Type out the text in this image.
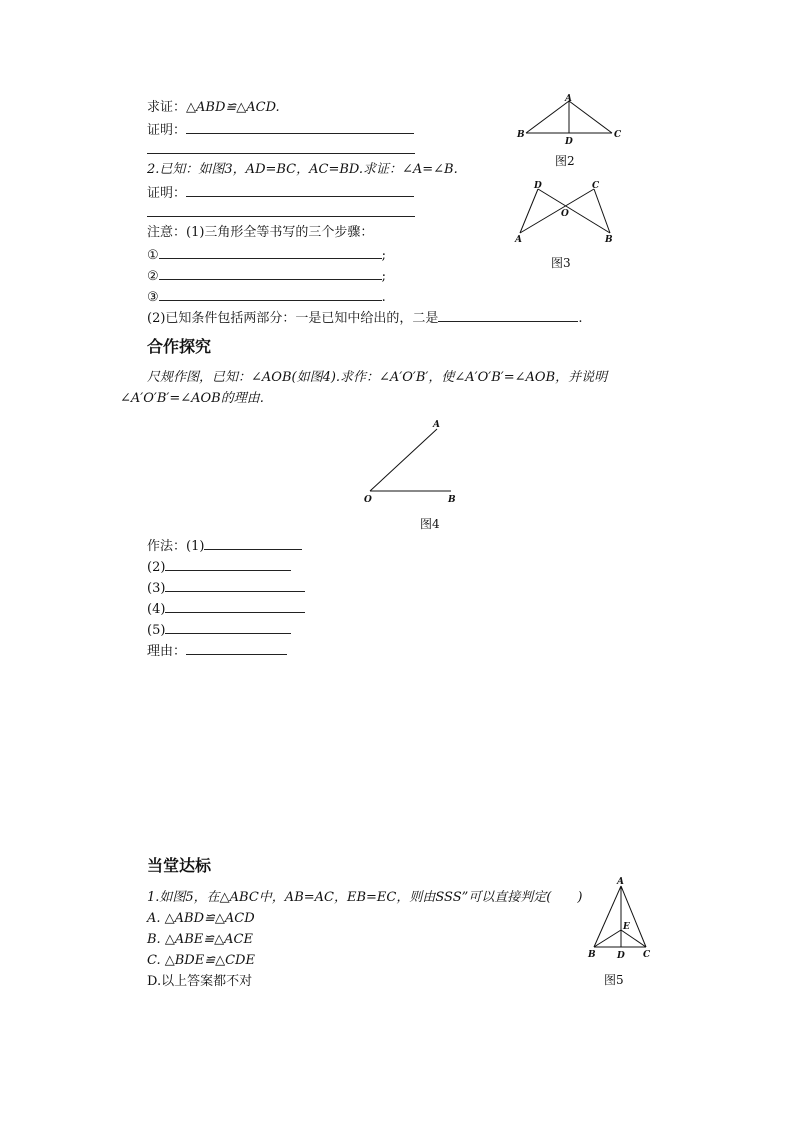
求证：△ABD≌△ACD.
证明：
2.已知：如图3，AD=BC，AC=BD.求证：∠A=∠B.
证明：
注意：(1)三角形全等书写的三个步骤：
①	;
②	;
③	.
(2)已知条件包括两部分：一是已知中给出的，二是	.
A
B	C
D
图2
D	C
O
A	B
图3
合作探究
尺规作图，已知：∠AOB(如图4).求作：∠A′O′B′，使∠A′O′B′=∠AOB，并说明
∠A′O′B′=∠AOB的理由.
A
O	B
图4
作法：(1)
(2)
(3)
(4)
(5)
理由：
当堂达标
1.如图5，在△ABC中，AB=AC，EB=EC，则由SSS”可以直接判定(　　)
A. △ABD≌△ACD
B. △ABE≌△ACE
C. △BDE≌△CDE
D.以上答案都不对
A
E
B D C
图5
